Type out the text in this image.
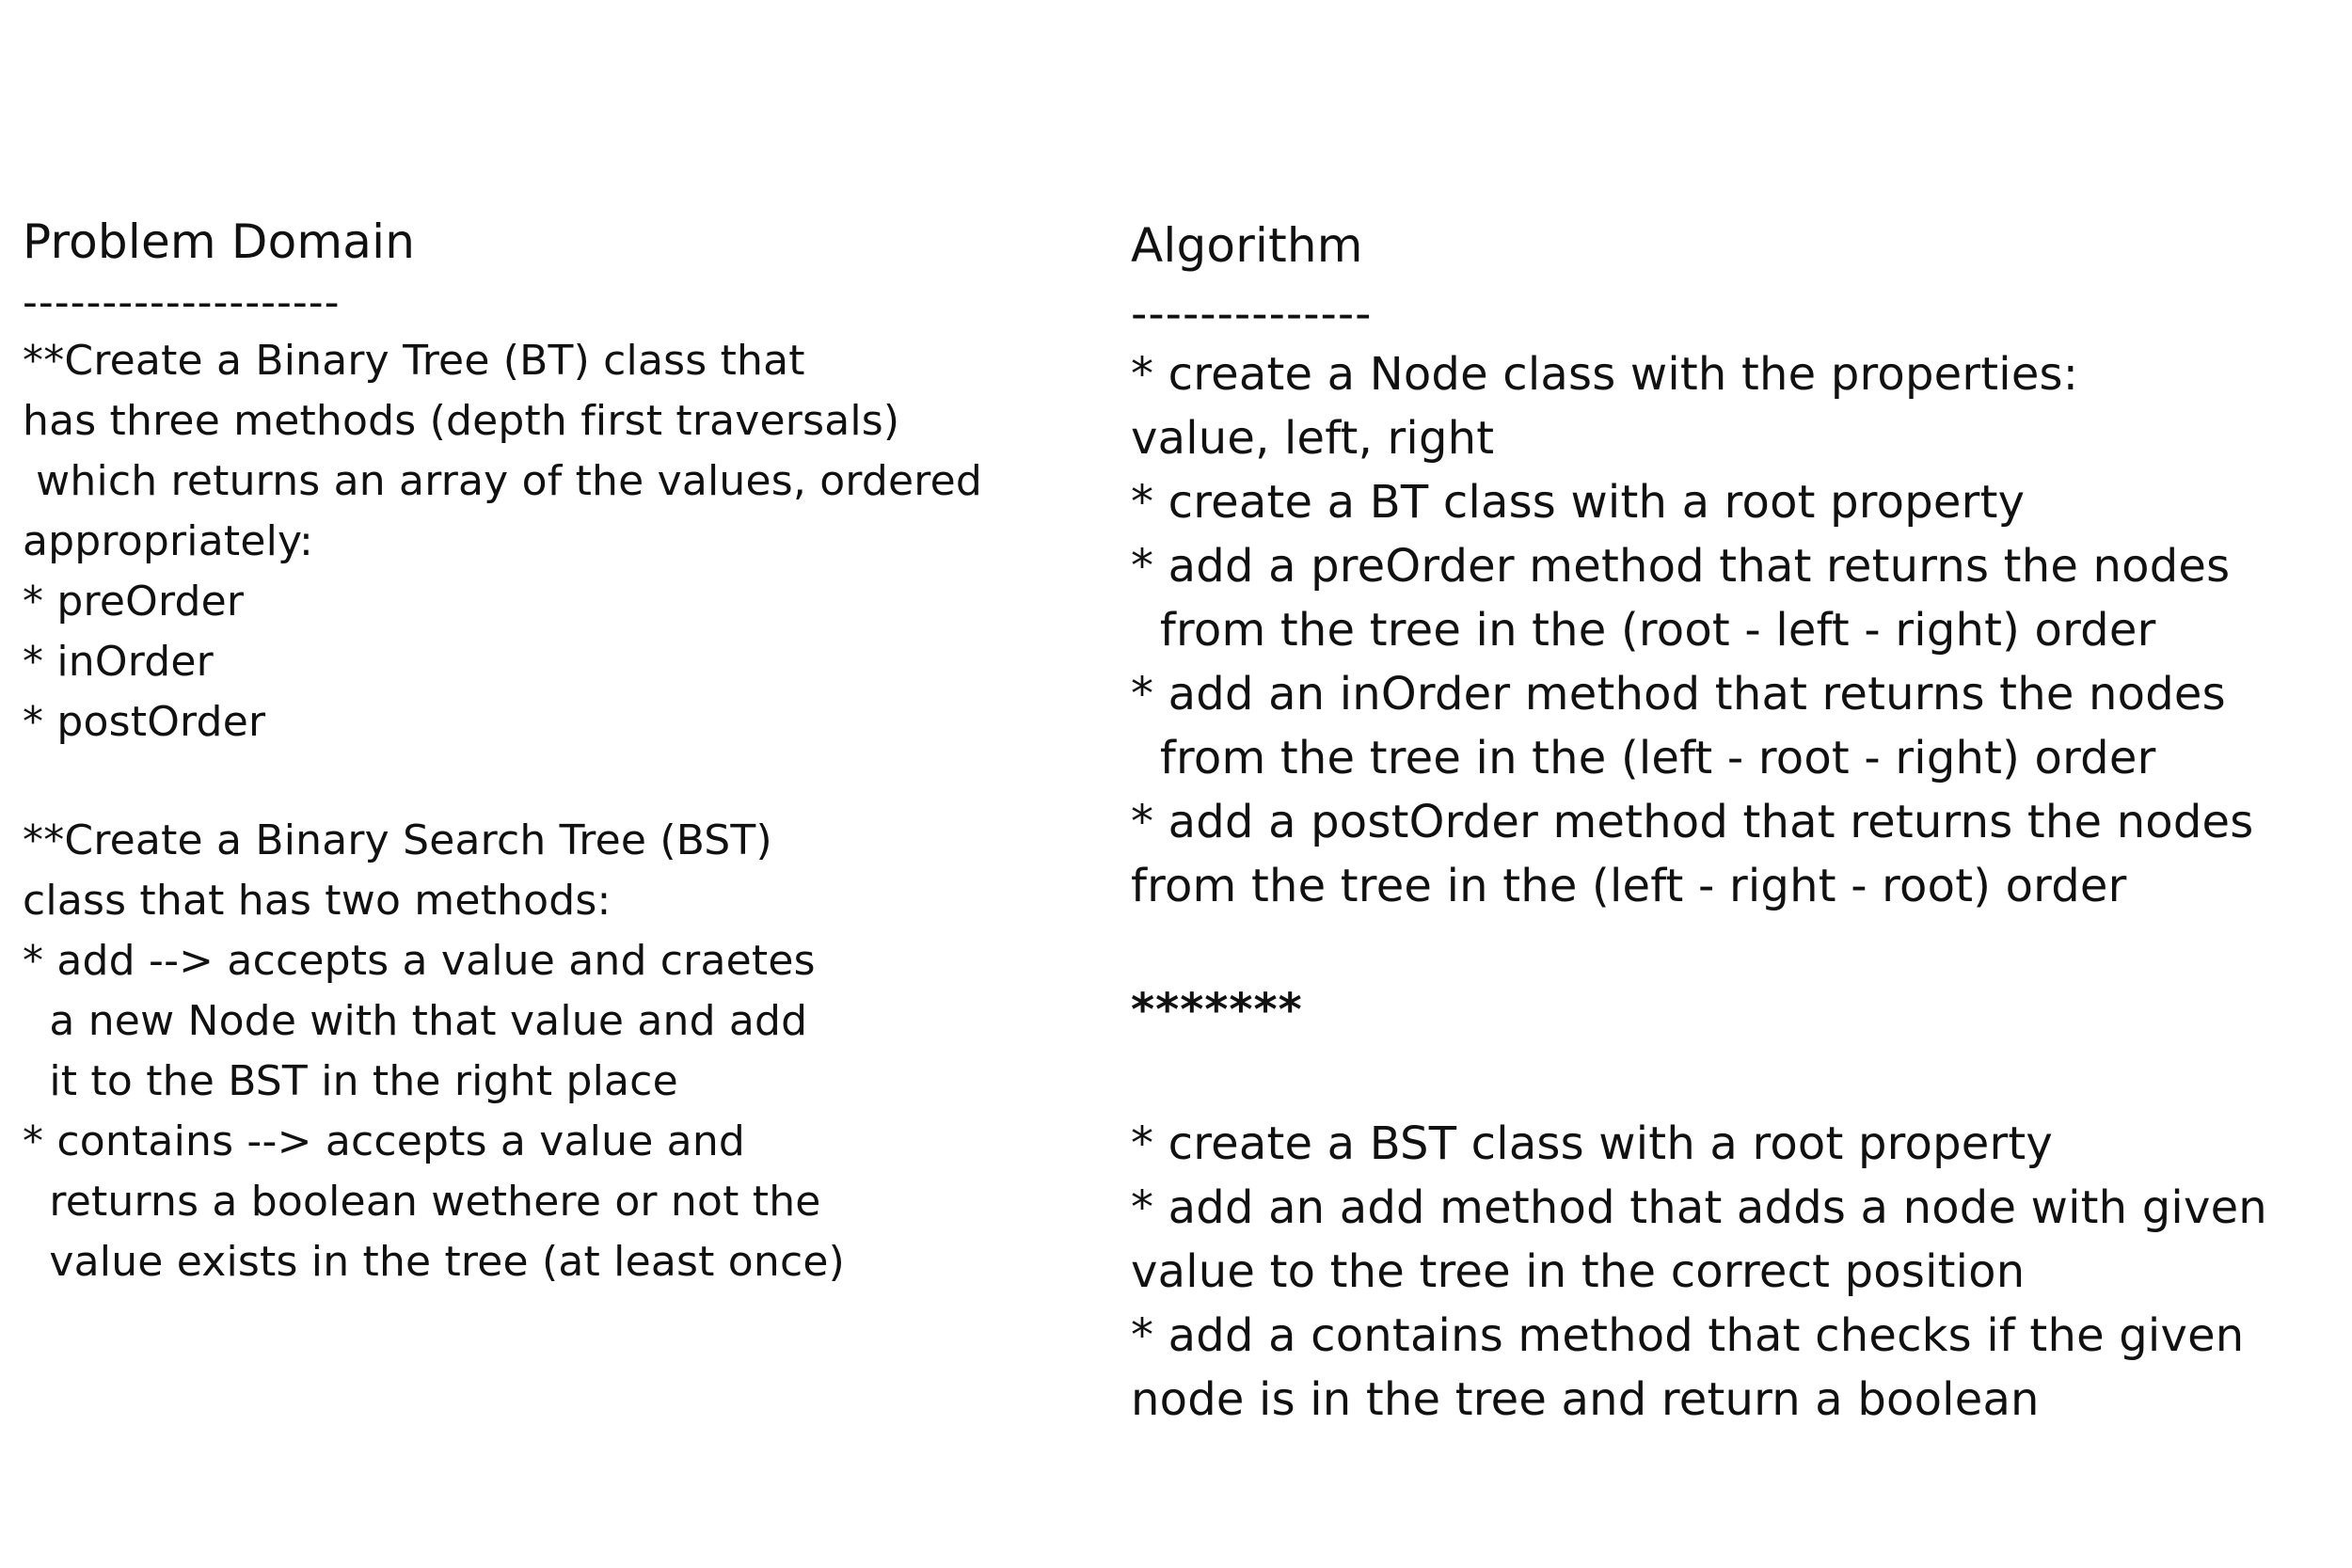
Problem Domain
--------------------
**Create a Binary Tree (BT) class that
has three methods (depth first traversals)
which returns an array of the values, ordered
appropriately:
* preOrder
* inOrder
* postOrder
**Create a Binary Search Tree (BST)
class that has two methods:
* add --> accepts a value and craetes
a new Node with that value and add
it to the BST in the right place
* contains --> accepts a value and
returns a boolean wethere or not the
value exists in the tree (at least once)
Algorithm
--------------
* create a Node class with the properties:
value, left, right
* create a BT class with a root property
* add a preOrder method that returns the nodes
from the tree in the (root - left - right) order
* add an inOrder method that returns the nodes
from the tree in the (left - root - right) order
* add a postOrder method that returns the nodes
from the tree in the (left - right - root) order
*******
* create a BST class with a root property
* add an add method that adds a node with given
value to the tree in the correct position
* add a contains method that checks if the given
node is in the tree and return a boolean
